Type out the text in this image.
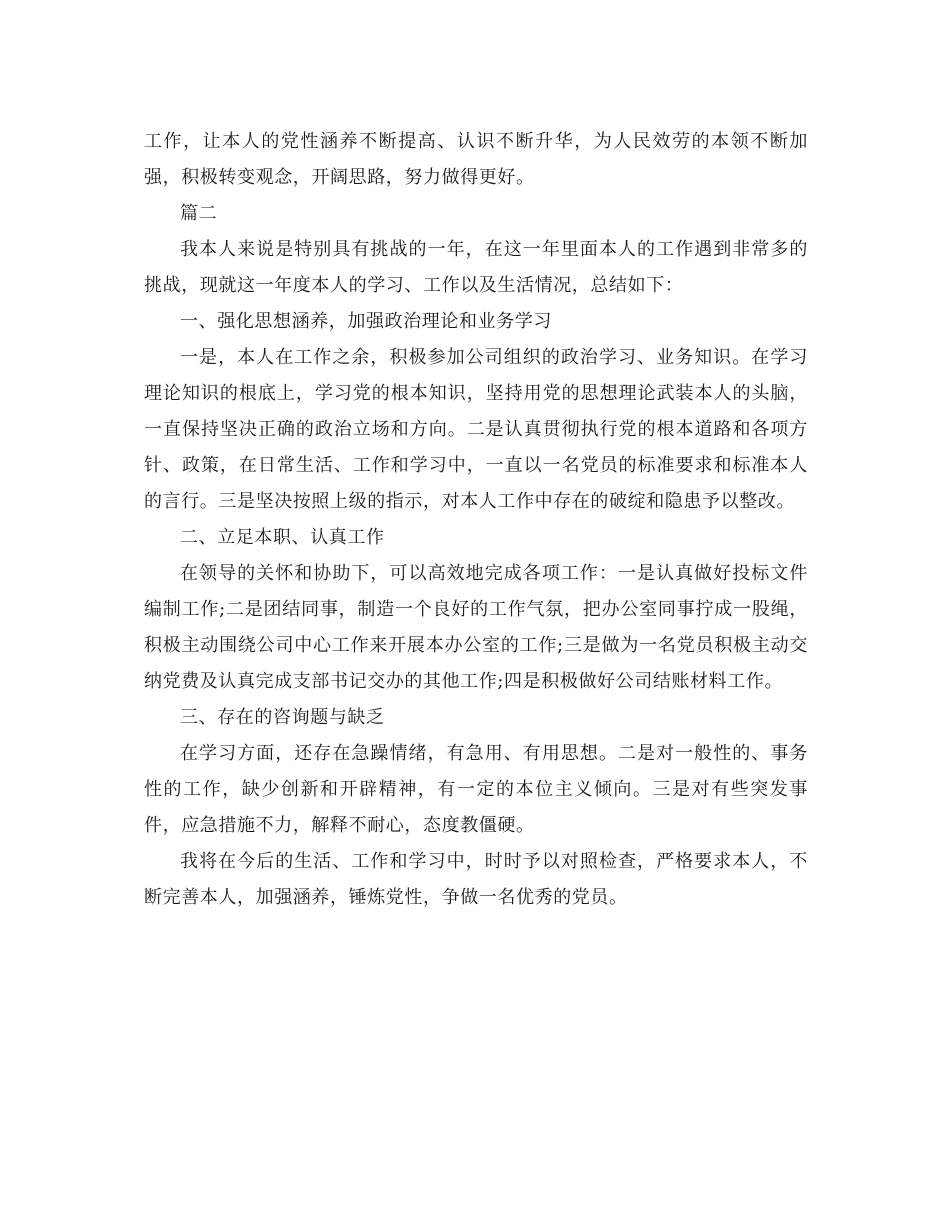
工作，让本人的党性涵养不断提高、认识不断升华，为人民效劳的本领不断加强，积极转变观念，开阔思路，努力做得更好。

篇二

我本人来说是特别具有挑战的一年，在这一年里面本人的工作遇到非常多的挑战，现就这一年度本人的学习、工作以及生活情况，总结如下：

一、强化思想涵养，加强政治理论和业务学习

一是，本人在工作之余，积极参加公司组织的政治学习、业务知识。在学习理论知识的根底上，学习党的根本知识，坚持用党的思想理论武装本人的头脑，一直保持坚决正确的政治立场和方向。二是认真贯彻执行党的根本道路和各项方针、政策，在日常生活、工作和学习中，一直以一名党员的标准要求和标准本人的言行。三是坚决按照上级的指示，对本人工作中存在的破绽和隐患予以整改。

二、立足本职、认真工作

在领导的关怀和协助下，可以高效地完成各项工作：一是认真做好投标文件编制工作;二是团结同事，制造一个良好的工作气氛，把办公室同事拧成一股绳，积极主动围绕公司中心工作来开展本办公室的工作;三是做为一名党员积极主动交纳党费及认真完成支部书记交办的其他工作;四是积极做好公司结账材料工作。

三、存在的咨询题与缺乏

在学习方面，还存在急躁情绪，有急用、有用思想。二是对一般性的、事务性的工作，缺少创新和开辟精神，有一定的本位主义倾向。三是对有些突发事件，应急措施不力，解释不耐心，态度教僵硬。

我将在今后的生活、工作和学习中，时时予以对照检查，严格要求本人，不断完善本人，加强涵养，锤炼党性，争做一名优秀的党员。
